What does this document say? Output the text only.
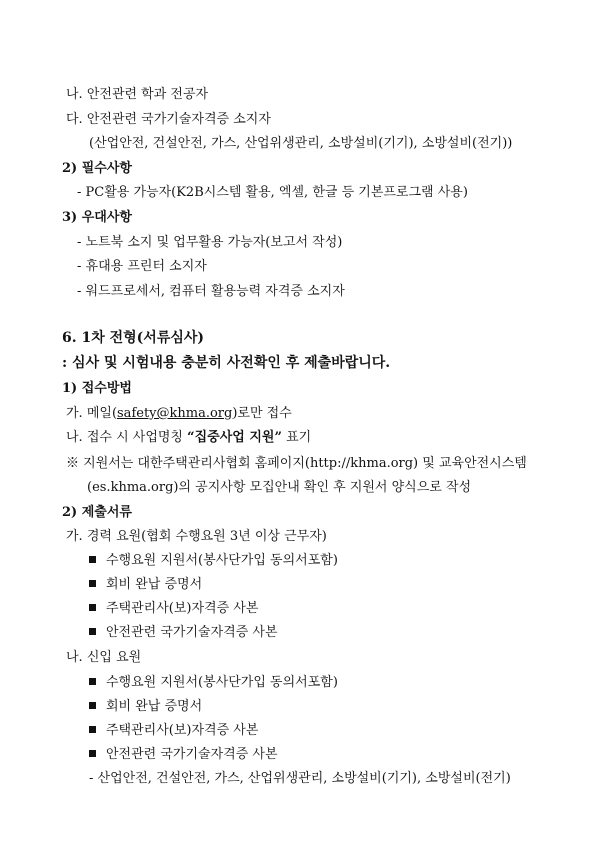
나. 안전관련 학과 전공자
다. 안전관련 국가기술자격증 소지자
(산업안전, 건설안전, 가스, 산업위생관리, 소방설비(기기), 소방설비(전기))
2) 필수사항
- PC활용 가능자(K2B시스템 활용, 엑셀, 한글 등 기본프로그램 사용)
3) 우대사항
- 노트북 소지 및 업무활용 가능자(보고서 작성)
- 휴대용 프린터 소지자
- 워드프로세서, 컴퓨터 활용능력 자격증 소지자
6. 1차 전형(서류심사)
: 심사 및 시험내용 충분히 사전확인 후 제출바랍니다.
1) 접수방법
가. 메일(safety@khma.org)로만 접수
나. 접수 시 사업명칭 “집중사업 지원” 표기
※ 지원서는 대한주택관리사협회 홈페이지(http://khma.org) 및 교육안전시스템
(es.khma.org)의 공지사항 모집안내 확인 후 지원서 양식으로 작성
2) 제출서류
가. 경력 요원(협회 수행요원 3년 이상 근무자)
수행요원 지원서(봉사단가입 동의서포함)
회비 완납 증명서
주택관리사(보)자격증 사본
안전관련 국가기술자격증 사본
나. 신입 요원
수행요원 지원서(봉사단가입 동의서포함)
회비 완납 증명서
주택관리사(보)자격증 사본
안전관련 국가기술자격증 사본
- 산업안전, 건설안전, 가스, 산업위생관리, 소방설비(기기), 소방설비(전기)
